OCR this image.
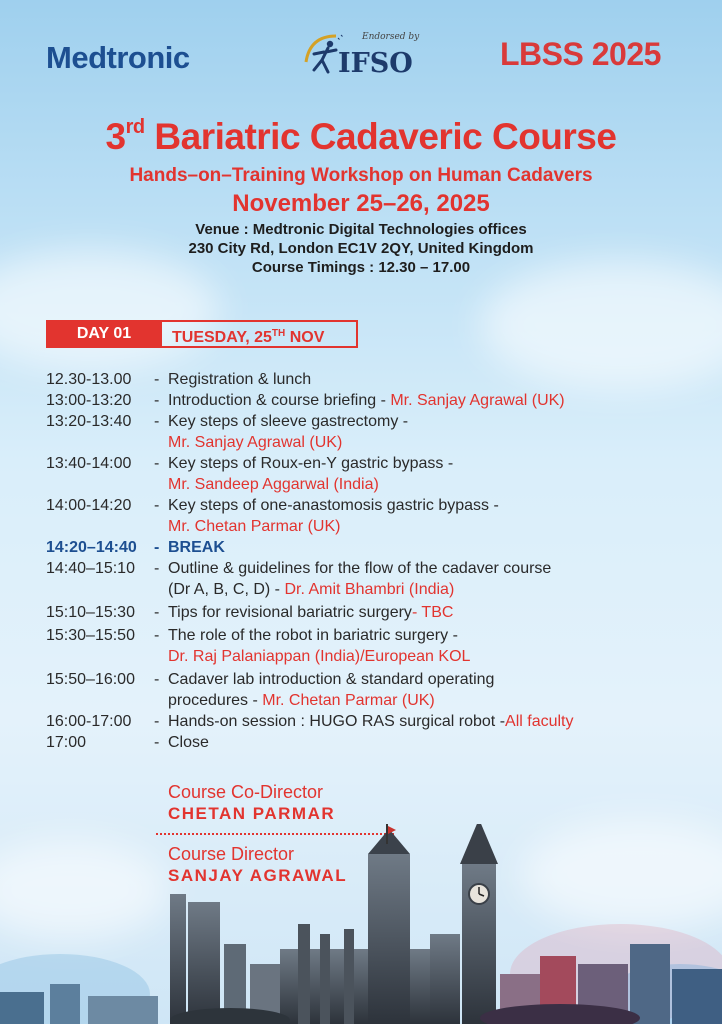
Medtronic
Endorsed by
IFSO	LBSS 2025
3rd Bariatric Cadaveric Course
Hands–on–Training Workshop on Human Cadavers
November 25–26, 2025
Venue : Medtronic Digital Technologies offices
230 City Rd, London EC1V 2QY, United Kingdom
Course Timings : 12.30 – 17.00
DAY 01	TUESDAY, 25TH NOV
12.30-13.00	- Registration & lunch
13:00-13:20	- Introduction & course briefing - Mr. Sanjay Agrawal (UK)
13:20-13:40	- Key steps of sleeve gastrectomy -
Mr. Sanjay Agrawal (UK)
13:40-14:00	- Key steps of Roux-en-Y gastric bypass -
Mr. Sandeep Aggarwal (India)
14:00-14:20	- Key steps of one-anastomosis gastric bypass -
Mr. Chetan Parmar (UK)
14:20–14:40	- BREAK
14:40–15:10	- Outline & guidelines for the flow of the cadaver course
(Dr A, B, C, D) - Dr. Amit Bhambri (India)
15:10–15:30	- Tips for revisional bariatric surgery- TBC
15:30–15:50	- The role of the robot in bariatric surgery -
Dr. Raj Palaniappan (India)/European KOL
15:50–16:00	- Cadaver lab introduction & standard operating
procedures - Mr. Chetan Parmar (UK)
16:00-17:00	- Hands-on session : HUGO RAS surgical robot -All faculty
17:00	- Close
Course Co-Director
CHETAN PARMAR
Course Director
SANJAY AGRAWAL
